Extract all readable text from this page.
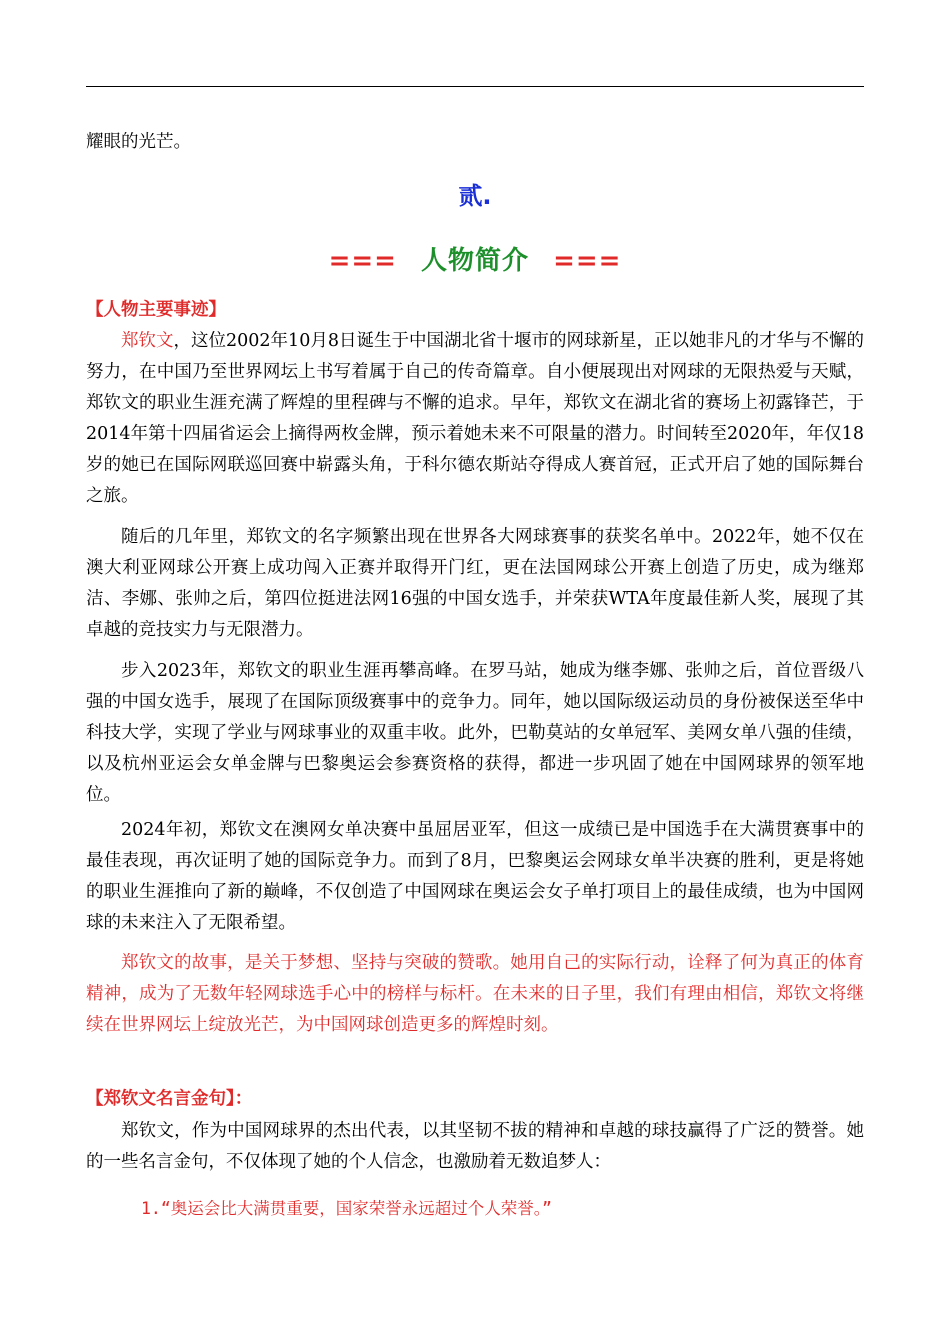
耀眼的光芒。
贰.
=== 人物简介 ===
【人物主要事迹】
郑钦文，这位2002年10月8日诞生于中国湖北省十堰市的网球新星，正以她非凡的才华与不懈的努力，在中国乃至世界网坛上书写着属于自己的传奇篇章。自小便展现出对网球的无限热爱与天赋，郑钦文的职业生涯充满了辉煌的里程碑与不懈的追求。早年，郑钦文在湖北省的赛场上初露锋芒，于2014年第十四届省运会上摘得两枚金牌，预示着她未来不可限量的潜力。时间转至2020年，年仅18岁的她已在国际网联巡回赛中崭露头角，于科尔德农斯站夺得成人赛首冠，正式开启了她的国际舞台之旅。
随后的几年里，郑钦文的名字频繁出现在世界各大网球赛事的获奖名单中。2022年，她不仅在澳大利亚网球公开赛上成功闯入正赛并取得开门红，更在法国网球公开赛上创造了历史，成为继郑洁、李娜、张帅之后，第四位挺进法网16强的中国女选手，并荣获WTA年度最佳新人奖，展现了其卓越的竞技实力与无限潜力。
步入2023年，郑钦文的职业生涯再攀高峰。在罗马站，她成为继李娜、张帅之后，首位晋级八强的中国女选手，展现了在国际顶级赛事中的竞争力。同年，她以国际级运动员的身份被保送至华中科技大学，实现了学业与网球事业的双重丰收。此外，巴勒莫站的女单冠军、美网女单八强的佳绩，以及杭州亚运会女单金牌与巴黎奥运会参赛资格的获得，都进一步巩固了她在中国网球界的领军地位。
2024年初，郑钦文在澳网女单决赛中虽屈居亚军，但这一成绩已是中国选手在大满贯赛事中的最佳表现，再次证明了她的国际竞争力。而到了8月，巴黎奥运会网球女单半决赛的胜利，更是将她的职业生涯推向了新的巅峰，不仅创造了中国网球在奥运会女子单打项目上的最佳成绩，也为中国网球的未来注入了无限希望。
郑钦文的故事，是关于梦想、坚持与突破的赞歌。她用自己的实际行动，诠释了何为真正的体育精神，成为了无数年轻网球选手心中的榜样与标杆。在未来的日子里，我们有理由相信，郑钦文将继续在世界网坛上绽放光芒，为中国网球创造更多的辉煌时刻。
【郑钦文名言金句】：
郑钦文，作为中国网球界的杰出代表，以其坚韧不拔的精神和卓越的球技赢得了广泛的赞誉。她的一些名言金句，不仅体现了她的个人信念，也激励着无数追梦人：
1.“奥运会比大满贯重要，国家荣誉永远超过个人荣誉。”
